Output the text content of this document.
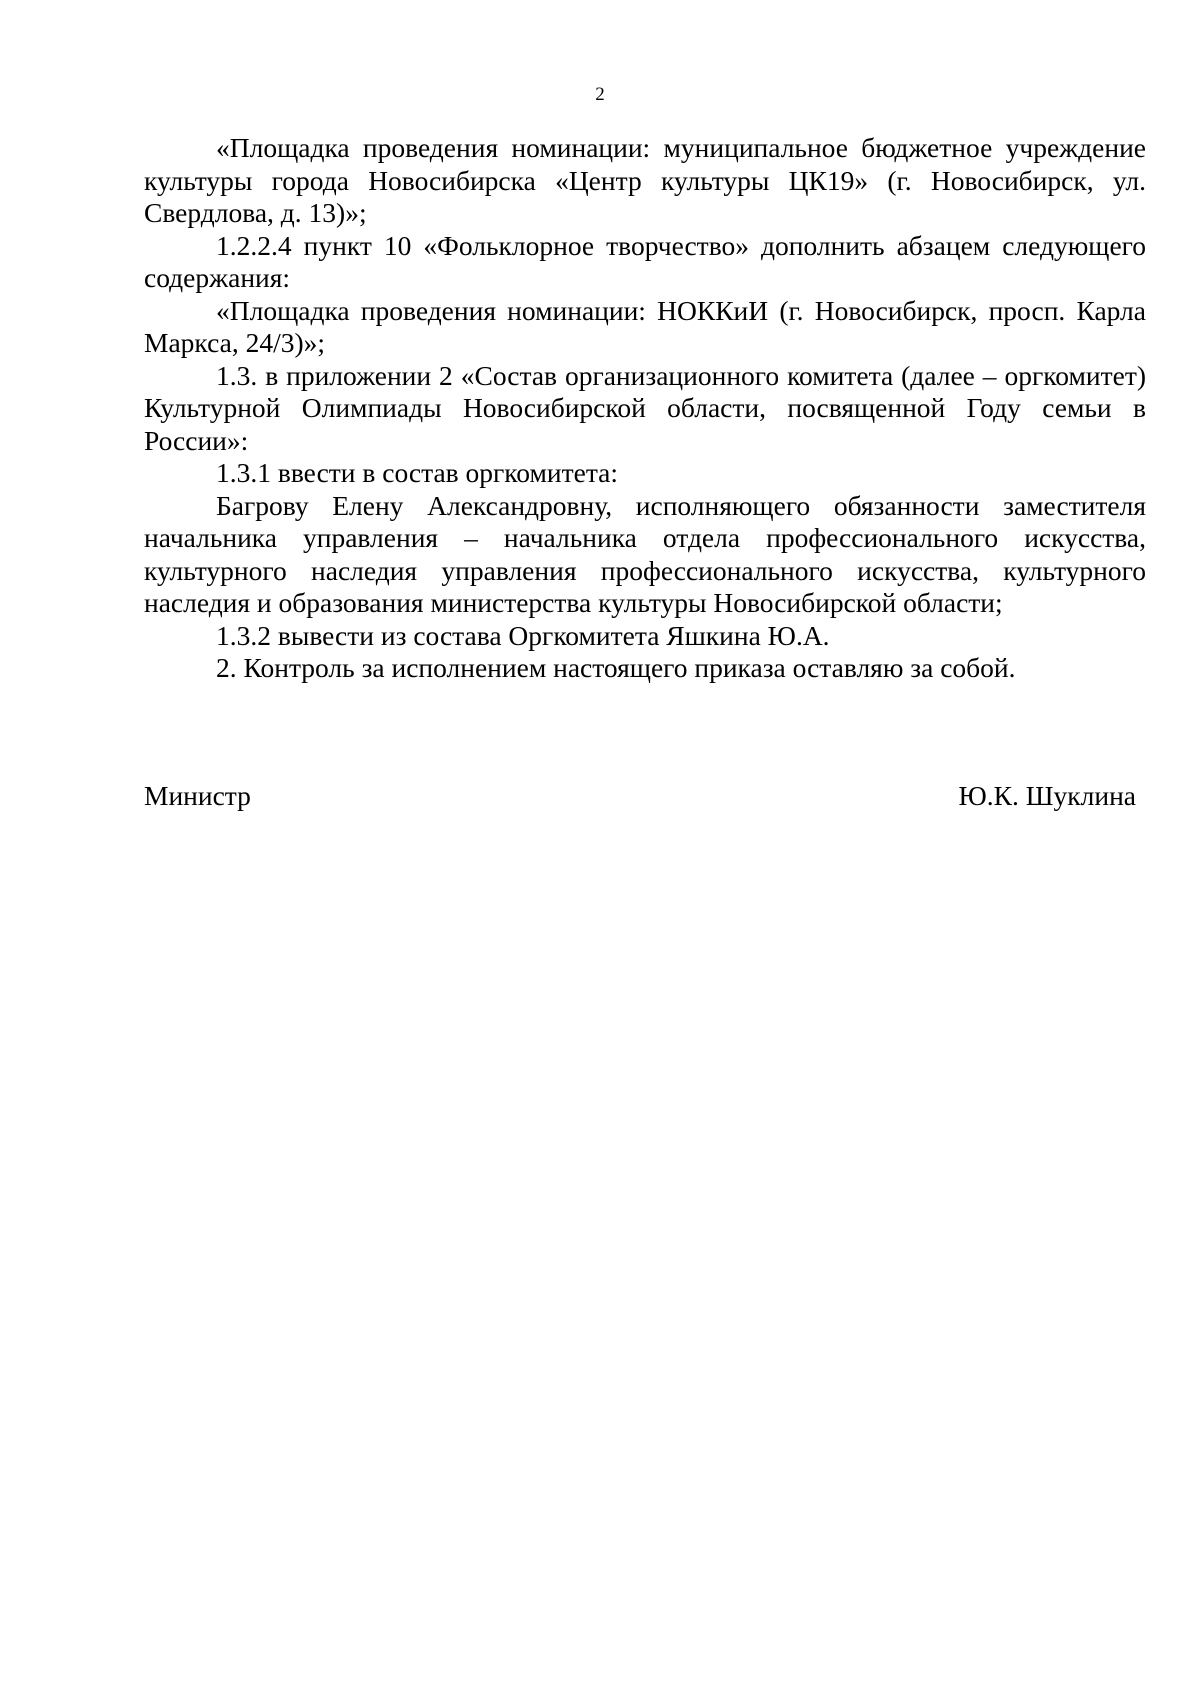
2

«Площадка проведения номинации: муниципальное бюджетное учреждение культуры города Новосибирска «Центр культуры ЦК19» (г. Новосибирск, ул. Свердлова, д. 13)»;

1.2.2.4 пункт 10 «Фольклорное творчество» дополнить абзацем следующего содержания:

«Площадка проведения номинации: НОККиИ (г. Новосибирск, просп. Карла Маркса, 24/3)»;

1.3. в приложении 2 «Состав организационного комитета (далее – оргкомитет) Культурной Олимпиады Новосибирской области, посвященной Году семьи в России»:

1.3.1 ввести в состав оргкомитета:

Багрову Елену Александровну, исполняющего обязанности заместителя начальника управления – начальника отдела профессионального искусства, культурного наследия управления профессионального искусства, культурного наследия и образования министерства культуры Новосибирской области;

1.3.2 вывести из состава Оргкомитета Яшкина Ю.А.

2. Контроль за исполнением настоящего приказа оставляю за собой.

Министр	Ю.К. Шуклина
